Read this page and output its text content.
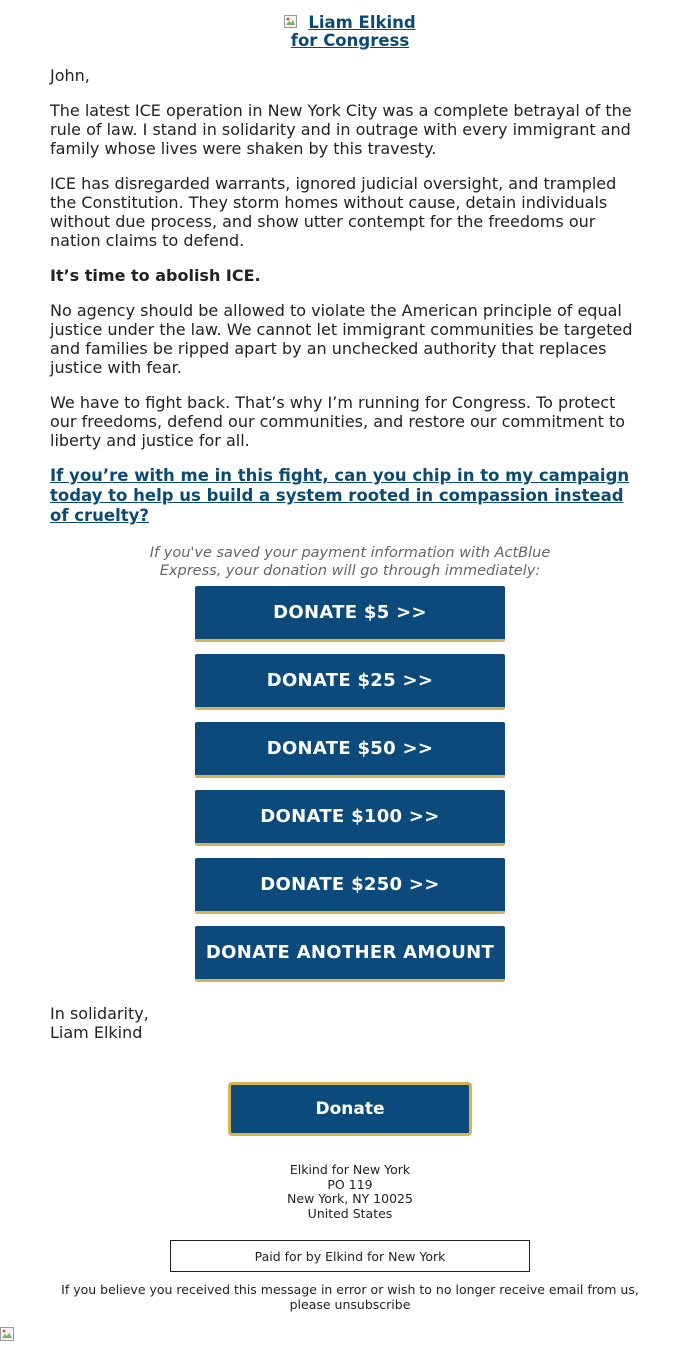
Liam Elkind
for Congress

John,

The latest ICE operation in New York City was a complete betrayal of the rule of law. I stand in solidarity and in outrage with every immigrant and family whose lives were shaken by this travesty.

ICE has disregarded warrants, ignored judicial oversight, and trampled the Constitution. They storm homes without cause, detain individuals without due process, and show utter contempt for the freedoms our nation claims to defend.

It’s time to abolish ICE.

No agency should be allowed to violate the American principle of equal justice under the law. We cannot let immigrant communities be targeted and families be ripped apart by an unchecked authority that replaces justice with fear.

We have to fight back. That’s why I’m running for Congress. To protect our freedoms, defend our communities, and restore our commitment to liberty and justice for all.

If you’re with me in this fight, can you chip in to my campaign today to help us build a system rooted in compassion instead of cruelty?

If you've saved your payment information with ActBlue
Express, your donation will go through immediately:
DONATE $5 >>
DONATE $25 >>
DONATE $50 >>
DONATE $100 >>
DONATE $250 >>
DONATE ANOTHER AMOUNT
In solidarity,
Liam Elkind
Donate
Elkind for New York
PO 119
New York, NY 10025
United States
Paid for by Elkind for New York
If you believe you received this message in error or wish to no longer receive email from us,
please unsubscribe
